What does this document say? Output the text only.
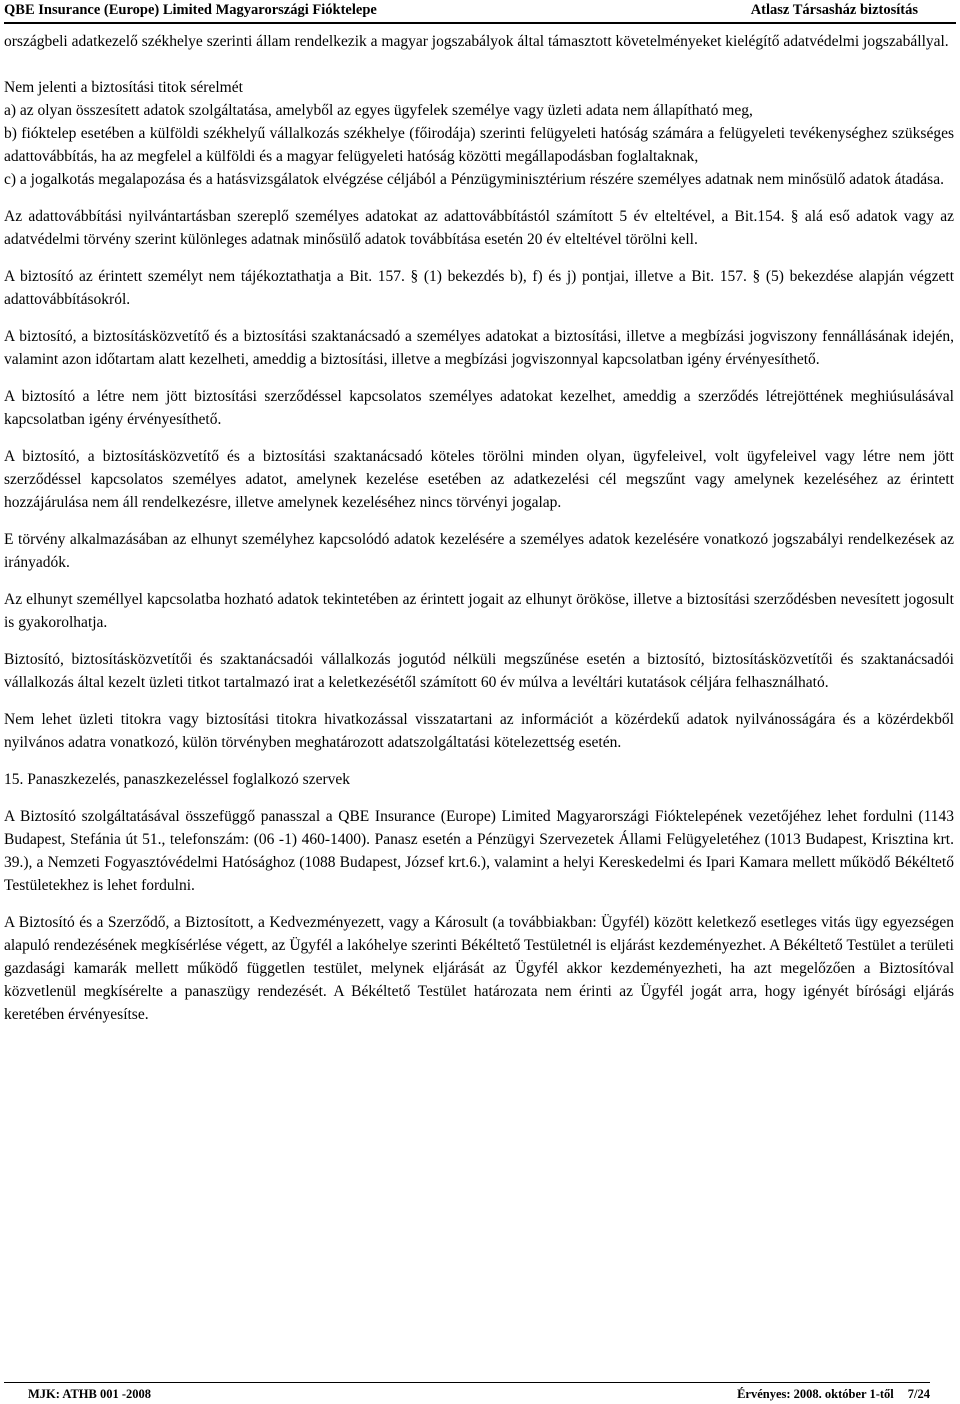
QBE Insurance (Europe) Limited Magyarországi Fióktelepe	Atlasz Társasház biztosítás

országbeli adatkezelő székhelye szerinti állam rendelkezik a magyar jogszabályok által támasztott követelményeket kielégítő adatvédelmi jogszabállyal.

Nem jelenti a biztosítási titok sérelmét

a) az olyan összesített adatok szolgáltatása, amelyből az egyes ügyfelek személye vagy üzleti adata nem állapítható meg,

b) fióktelep esetében a külföldi székhelyű vállalkozás székhelye (főirodája) szerinti felügyeleti hatóság számára a felügyeleti tevékenységhez szükséges adattovábbítás, ha az megfelel a külföldi és a magyar felügyeleti hatóság közötti megállapodásban foglaltaknak,

c) a jogalkotás megalapozása és a hatásvizsgálatok elvégzése céljából a Pénzügyminisztérium részére személyes adatnak nem minősülő adatok átadása.

Az adattovábbítási nyilvántartásban szereplő személyes adatokat az adattovábbítástól számított 5 év elteltével, a Bit.154. § alá eső adatok vagy az adatvédelmi törvény szerint különleges adatnak minősülő adatok továbbítása esetén 20 év elteltével törölni kell.

A biztosító az érintett személyt nem tájékoztathatja a Bit. 157. § (1) bekezdés b), f) és j) pontjai, illetve a Bit. 157. § (5) bekezdése alapján végzett adattovábbításokról.

A biztosító, a biztosításközvetítő és a biztosítási szaktanácsadó a személyes adatokat a biztosítási, illetve a megbízási jogviszony fennállásának idején, valamint azon időtartam alatt kezelheti, ameddig a biztosítási, illetve a megbízási jogviszonnyal kapcsolatban igény érvényesíthető.

A biztosító a létre nem jött biztosítási szerződéssel kapcsolatos személyes adatokat kezelhet, ameddig a szerződés létrejöttének meghiúsulásával kapcsolatban igény érvényesíthető.

A biztosító, a biztosításközvetítő és a biztosítási szaktanácsadó köteles törölni minden olyan, ügyfeleivel, volt ügyfeleivel vagy létre nem jött szerződéssel kapcsolatos személyes adatot, amelynek kezelése esetében az adatkezelési cél megszűnt vagy amelynek kezeléséhez az érintett hozzájárulása nem áll rendelkezésre, illetve amelynek kezeléséhez nincs törvényi jogalap.

E törvény alkalmazásában az elhunyt személyhez kapcsolódó adatok kezelésére a személyes adatok kezelésére vonatkozó jogszabályi rendelkezések az irányadók.

Az elhunyt személlyel kapcsolatba hozható adatok tekintetében az érintett jogait az elhunyt örököse, illetve a biztosítási szerződésben nevesített jogosult is gyakorolhatja.

Biztosító, biztosításközvetítői és szaktanácsadói vállalkozás jogutód nélküli megszűnése esetén a biztosító, biztosításközvetítői és szaktanácsadói vállalkozás által kezelt üzleti titkot tartalmazó irat a keletkezésétől számított 60 év múlva a levéltári kutatások céljára felhasználható.

Nem lehet üzleti titokra vagy biztosítási titokra hivatkozással visszatartani az információt a közérdekű adatok nyilvánosságára és a közérdekből nyilvános adatra vonatkozó, külön törvényben meghatározott adatszolgáltatási kötelezettség esetén.

15. Panaszkezelés, panaszkezeléssel foglalkozó szervek

A Biztosító szolgáltatásával összefüggő panasszal a QBE Insurance (Europe) Limited Magyarországi Fióktelepének vezetőjéhez lehet fordulni (1143 Budapest, Stefánia út 51., telefonszám: (06 -1) 460-1400). Panasz esetén a Pénzügyi Szervezetek Állami Felügyeletéhez (1013 Budapest, Krisztina krt. 39.), a Nemzeti Fogyasztóvédelmi Hatósághoz (1088 Budapest, József krt.6.), valamint a helyi Kereskedelmi és Ipari Kamara mellett működő Békéltető Testületekhez is lehet fordulni.

A Biztosító és a Szerződő, a Biztosított, a Kedvezményezett, vagy a Károsult (a továbbiakban: Ügyfél) között keletkező esetleges vitás ügy egyezségen alapuló rendezésének megkísérlése végett, az Ügyfél a lakóhelye szerinti Békéltető Testületnél is eljárást kezdeményezhet. A Békéltető Testület a területi gazdasági kamarák mellett működő független testület, melynek eljárását az Ügyfél akkor kezdeményezheti, ha azt megelőzően a Biztosítóval közvetlenül megkísérelte a panaszügy rendezését. A Békéltető Testület határozata nem érinti az Ügyfél jogát arra, hogy igényét bírósági eljárás keretében érvényesítse.

MJK: ATHB 001 -2008	Érvényes: 2008. október 1-től 7/24
